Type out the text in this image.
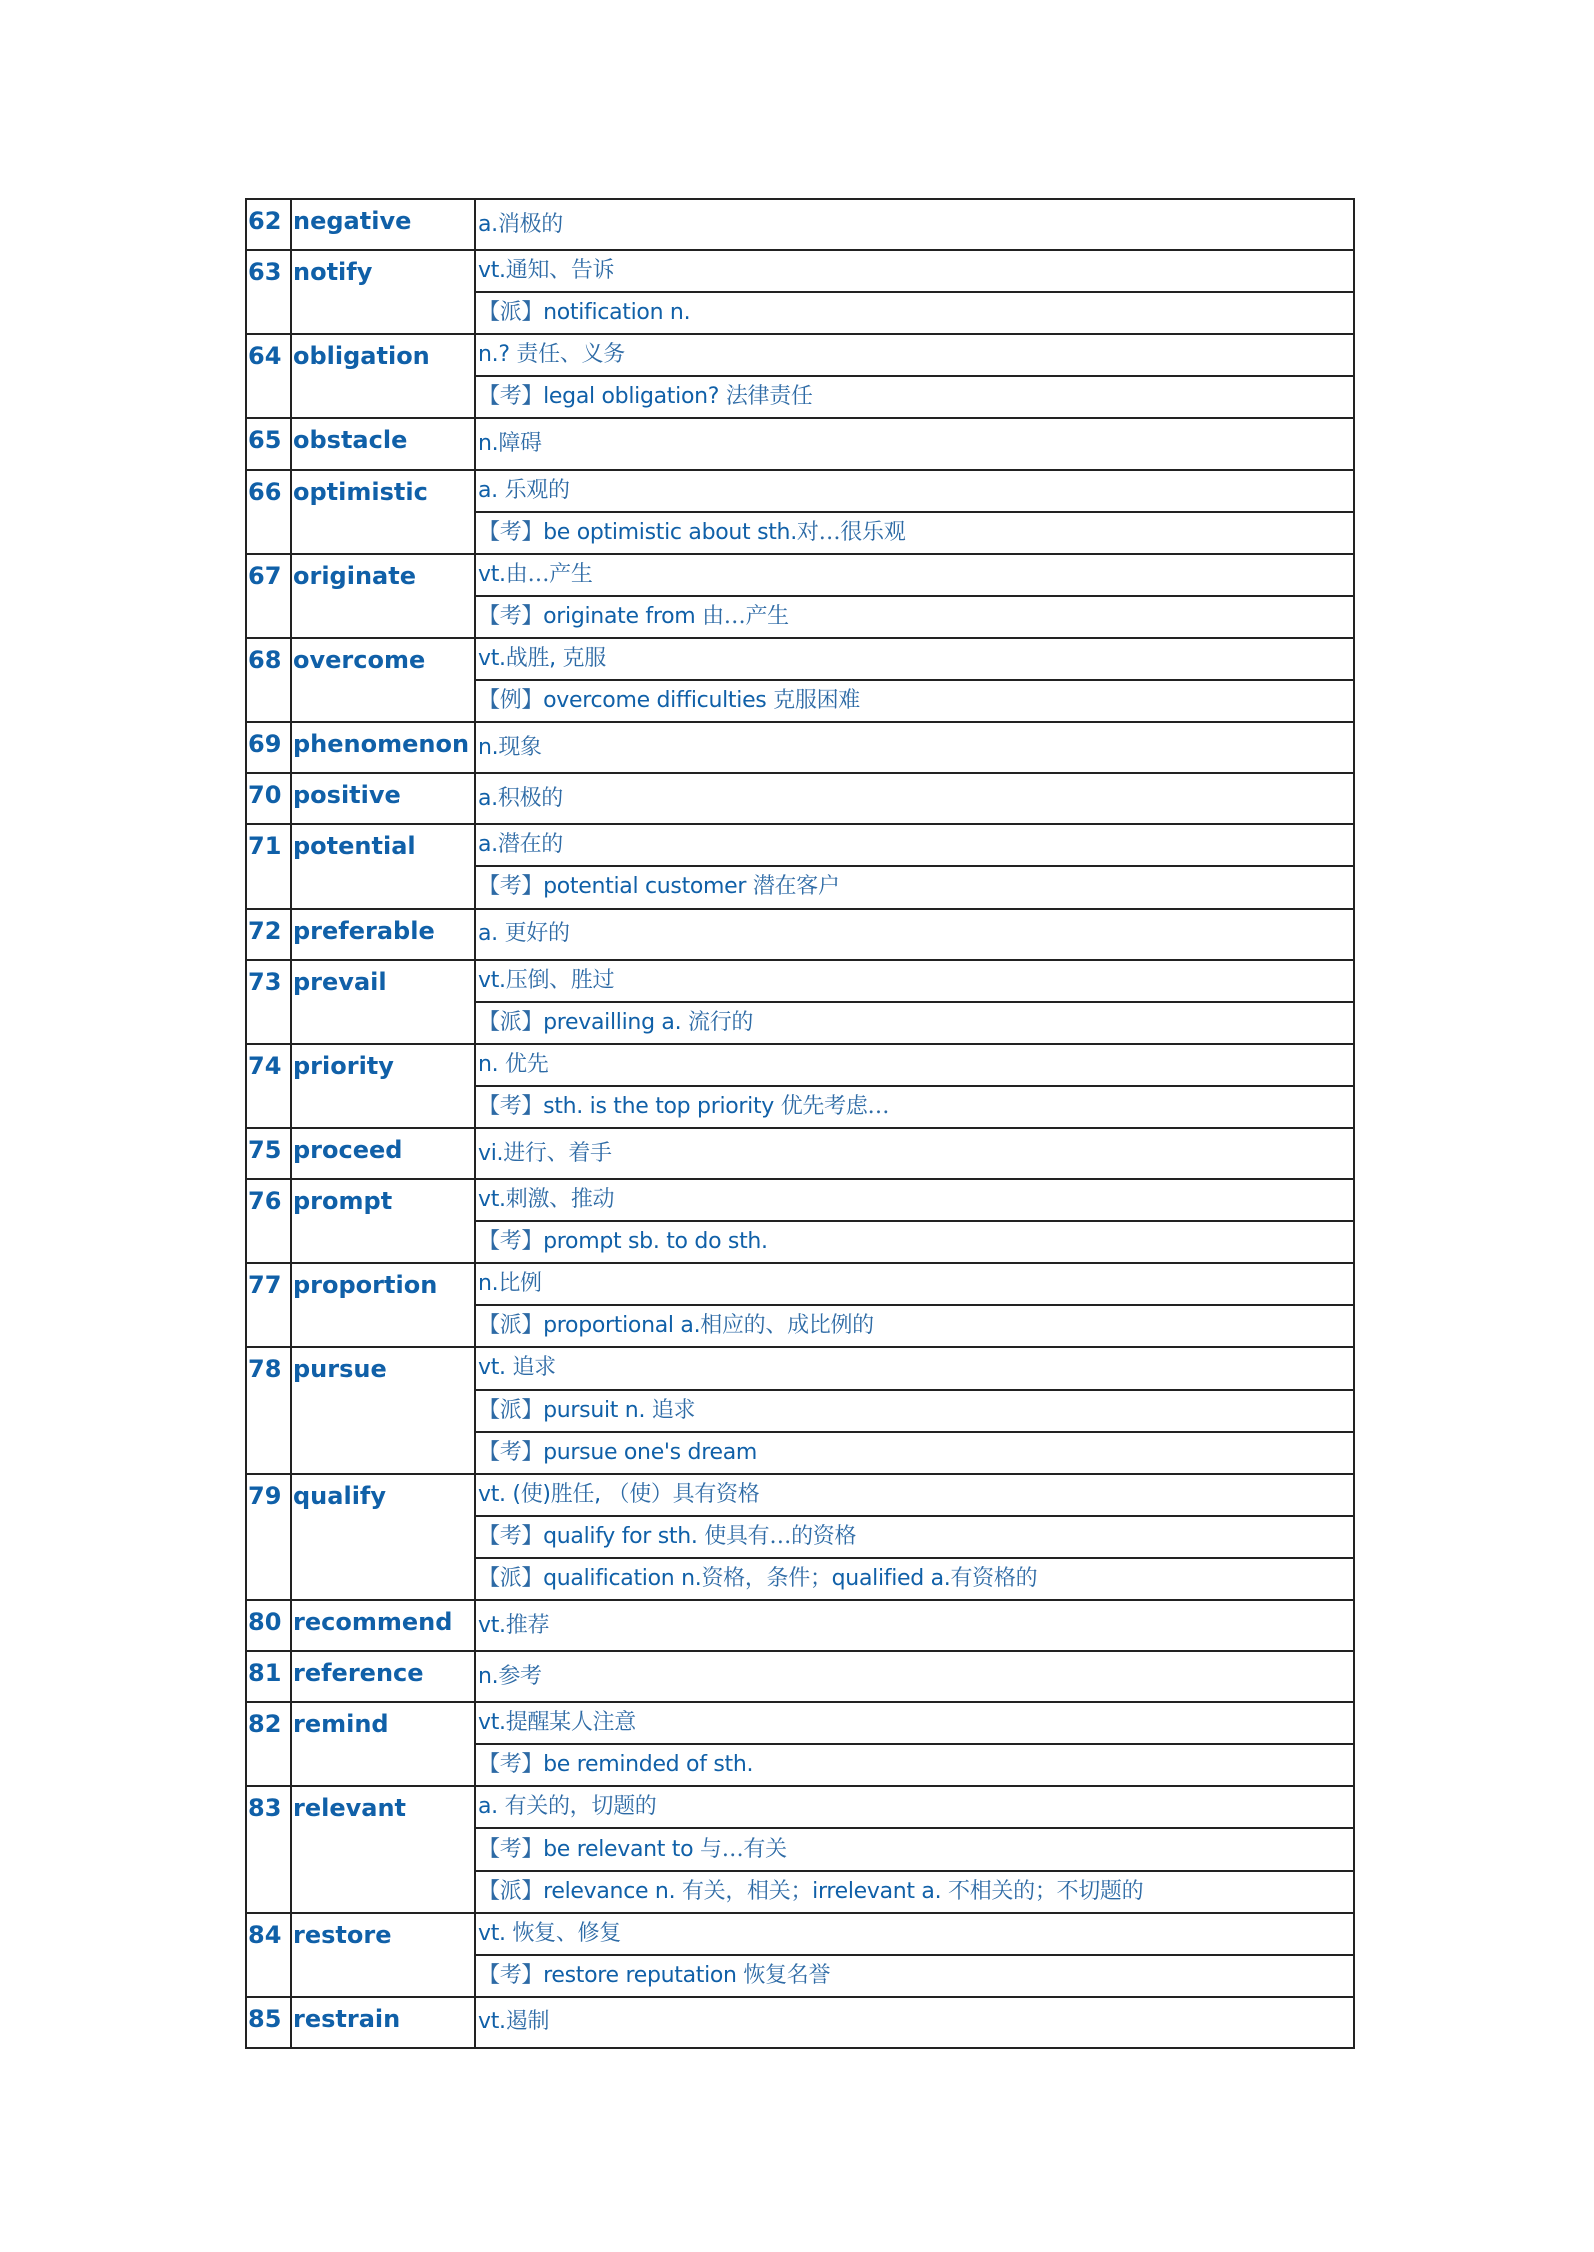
62	negative	a.消极的
63	notify	vt.通知、告诉
		【派】notification n.
64	obligation	n.? 责任、义务
		【考】legal obligation? 法律责任
65	obstacle	n.障碍
66	optimistic	a. 乐观的
		【考】be optimistic about sth.对…很乐观
67	originate	vt.由…产生
		【考】originate from 由…产生
68	overcome	vt.战胜, 克服
		【例】overcome difficulties 克服困难
69	phenomenon	n.现象
70	positive	a.积极的
71	potential	a.潜在的
		【考】potential customer 潜在客户
72	preferable	a. 更好的
73	prevail	vt.压倒、胜过
		【派】prevailling a. 流行的
74	priority	n. 优先
		【考】sth. is the top priority 优先考虑…
75	proceed	vi.进行、着手
76	prompt	vt.刺激、推动
		【考】prompt sb. to do sth.
77	proportion	n.比例
		【派】proportional a.相应的、成比例的
78	pursue	vt. 追求
		【派】pursuit n. 追求
		【考】pursue one's dream
79	qualify	vt. (使)胜任, （使）具有资格
		【考】qualify for sth. 使具有…的资格
		【派】qualification n.资格，条件；qualified a.有资格的
80	recommend	vt.推荐
81	reference	n.参考
82	remind	vt.提醒某人注意
		【考】be reminded of sth.
83	relevant	a. 有关的，切题的
		【考】be relevant to 与…有关
		【派】relevance n. 有关，相关；irrelevant a. 不相关的；不切题的
84	restore	vt. 恢复、修复
		【考】restore reputation 恢复名誉
85	restrain	vt.遏制
